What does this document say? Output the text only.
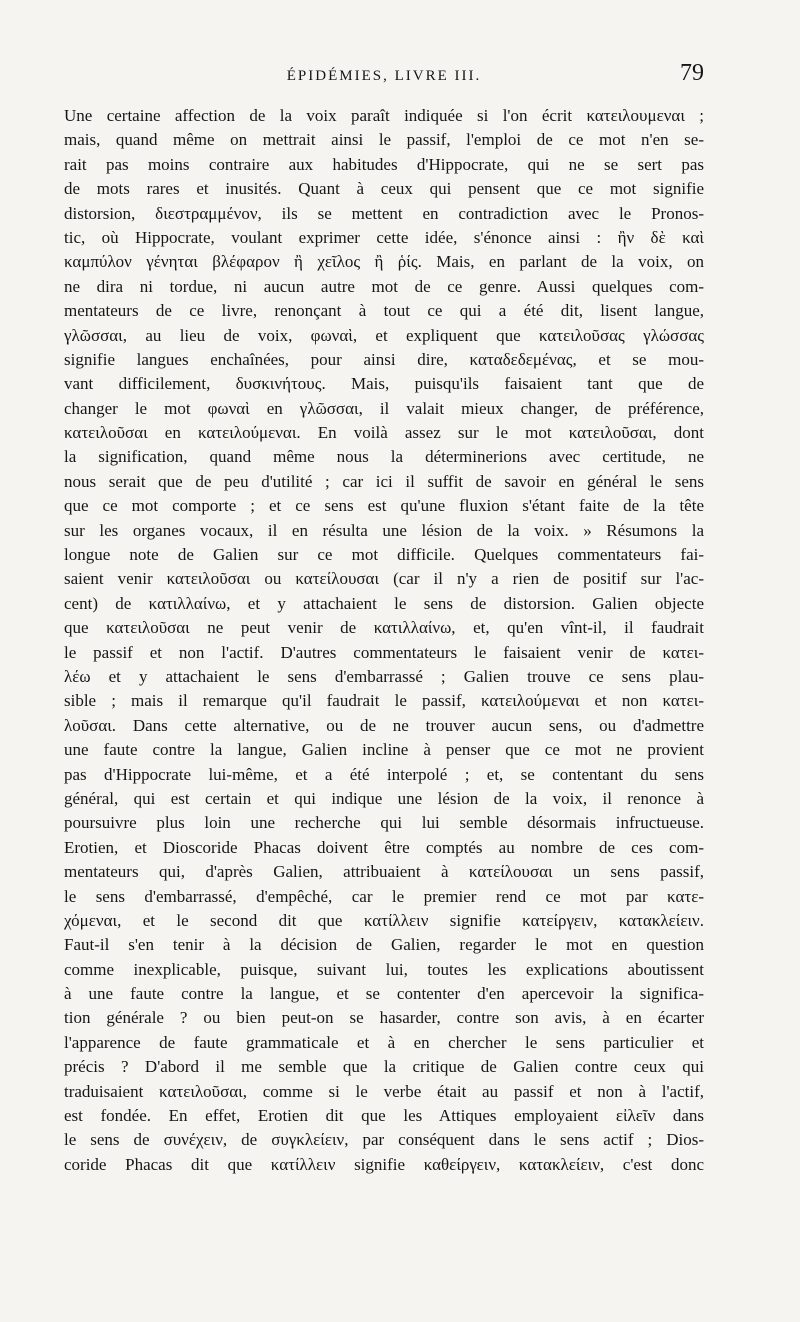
ÉPIDÉMIES, LIVRE III.	79
Une certaine affection de la voix paraît indiquée si l'on écrit κατειλουμεναι ;
mais, quand même on mettrait ainsi le passif, l'emploi de ce mot n'en se-
rait pas moins contraire aux habitudes d'Hippocrate, qui ne se sert pas
de mots rares et inusités. Quant à ceux qui pensent que ce mot signifie
distorsion, διεστραμμένον, ils se mettent en contradiction avec le Pronos-
tic, où Hippocrate, voulant exprimer cette idée, s'énonce ainsi : ἢν δὲ καὶ
καμπύλον γένηται βλέφαρον ἢ χεῖλος ἢ ῥίς. Mais, en parlant de la voix, on
ne dira ni tordue, ni aucun autre mot de ce genre. Aussi quelques com-
mentateurs de ce livre, renonçant à tout ce qui a été dit, lisent langue,
γλῶσσαι, au lieu de voix, φωναὶ, et expliquent que κατειλοῦσας γλώσσας
signifie langues enchaînées, pour ainsi dire, καταδεδεμένας, et se mou-
vant difficilement, δυσκινήτους. Mais, puisqu'ils faisaient tant que de
changer le mot φωναὶ en γλῶσσαι, il valait mieux changer, de préférence,
κατειλοῦσαι en κατειλούμεναι. En voilà assez sur le mot κατειλοῦσαι, dont
la signification, quand même nous la déterminerions avec certitude, ne
nous serait que de peu d'utilité ; car ici il suffit de savoir en général le sens
que ce mot comporte ; et ce sens est qu'une fluxion s'étant faite de la tête
sur les organes vocaux, il en résulta une lésion de la voix. » Résumons la
longue note de Galien sur ce mot difficile. Quelques commentateurs fai-
saient venir κατειλοῦσαι ou κατείλουσαι (car il n'y a rien de positif sur l'ac-
cent) de κατιλλαίνω, et y attachaient le sens de distorsion. Galien objecte
que κατειλοῦσαι ne peut venir de κατιλλαίνω, et, qu'en vînt-il, il faudrait
le passif et non l'actif. D'autres commentateurs le faisaient venir de κατει-
λέω et y attachaient le sens d'embarrassé ; Galien trouve ce sens plau-
sible ; mais il remarque qu'il faudrait le passif, κατειλούμεναι et non κατει-
λοῦσαι. Dans cette alternative, ou de ne trouver aucun sens, ou d'admettre
une faute contre la langue, Galien incline à penser que ce mot ne provient
pas d'Hippocrate lui-même, et a été interpolé ; et, se contentant du sens
général, qui est certain et qui indique une lésion de la voix, il renonce à
poursuivre plus loin une recherche qui lui semble désormais infructueuse.
Erotien, et Dioscoride Phacas doivent être comptés au nombre de ces com-
mentateurs qui, d'après Galien, attribuaient à κατείλουσαι un sens passif,
le sens d'embarrassé, d'empêché, car le premier rend ce mot par κατε-
χόμεναι, et le second dit que κατίλλειν signifie κατείργειν, κατακλείειν.
Faut-il s'en tenir à la décision de Galien, regarder le mot en question
comme inexplicable, puisque, suivant lui, toutes les explications aboutissent
à une faute contre la langue, et se contenter d'en apercevoir la significa-
tion générale ? ou bien peut-on se hasarder, contre son avis, à en écarter
l'apparence de faute grammaticale et à en chercher le sens particulier et
précis ? D'abord il me semble que la critique de Galien contre ceux qui
traduisaient κατειλοῦσαι, comme si le verbe était au passif et non à l'actif,
est fondée. En effet, Erotien dit que les Attiques employaient εἰλεῖν dans
le sens de συνέχειν, de συγκλείειν, par conséquent dans le sens actif ; Dios-
coride Phacas dit que κατίλλειν signifie καθείργειν, κατακλείειν, c'est donc
